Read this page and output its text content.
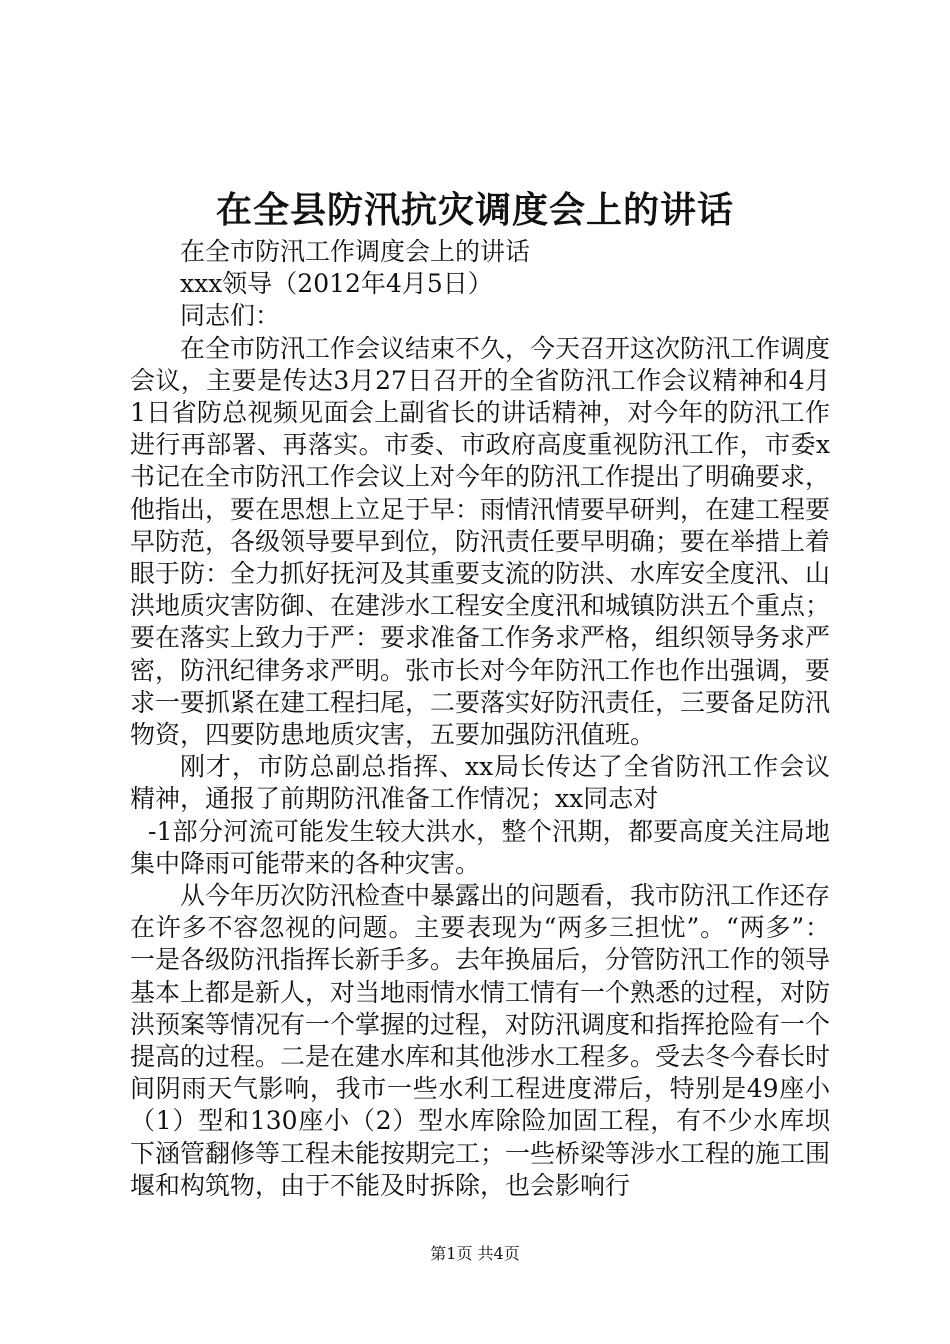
在全县防汛抗灾调度会上的讲话

在全市防汛工作调度会上的讲话

xxx领导（2012年4月5日）

同志们：

在全市防汛工作会议结束不久，今天召开这次防汛工作调度会议，主要是传达3月27日召开的全省防汛工作会议精神和4月1日省防总视频见面会上副省长的讲话精神，对今年的防汛工作进行再部署、再落实。市委、市政府高度重视防汛工作，市委x书记在全市防汛工作会议上对今年的防汛工作提出了明确要求，他指出，要在思想上立足于早：雨情汛情要早研判，在建工程要早防范，各级领导要早到位，防汛责任要早明确；要在举措上着眼于防：全力抓好抚河及其重要支流的防洪、水库安全度汛、山洪地质灾害防御、在建涉水工程安全度汛和城镇防洪五个重点；要在落实上致力于严：要求准备工作务求严格，组织领导务求严密，防汛纪律务求严明。张市长对今年防汛工作也作出强调，要求一要抓紧在建工程扫尾，二要落实好防汛责任，三要备足防汛物资，四要防患地质灾害，五要加强防汛值班。

刚才，市防总副总指挥、xx局长传达了全省防汛工作会议精神，通报了前期防汛准备工作情况；xx同志对

-1部分河流可能发生较大洪水，整个汛期，都要高度关注局地集中降雨可能带来的各种灾害。

从今年历次防汛检查中暴露出的问题看，我市防汛工作还存在许多不容忽视的问题。主要表现为“两多三担忧”。“两多”：一是各级防汛指挥长新手多。去年换届后，分管防汛工作的领导基本上都是新人，对当地雨情水情工情有一个熟悉的过程，对防洪预案等情况有一个掌握的过程，对防汛调度和指挥抢险有一个提高的过程。二是在建水库和其他涉水工程多。受去冬今春长时间阴雨天气影响，我市一些水利工程进度滞后，特别是49座小（1）型和130座小（2）型水库除险加固工程，有不少水库坝下涵管翻修等工程未能按期完工；一些桥梁等涉水工程的施工围堰和构筑物，由于不能及时拆除，也会影响行

第1页 共4页
